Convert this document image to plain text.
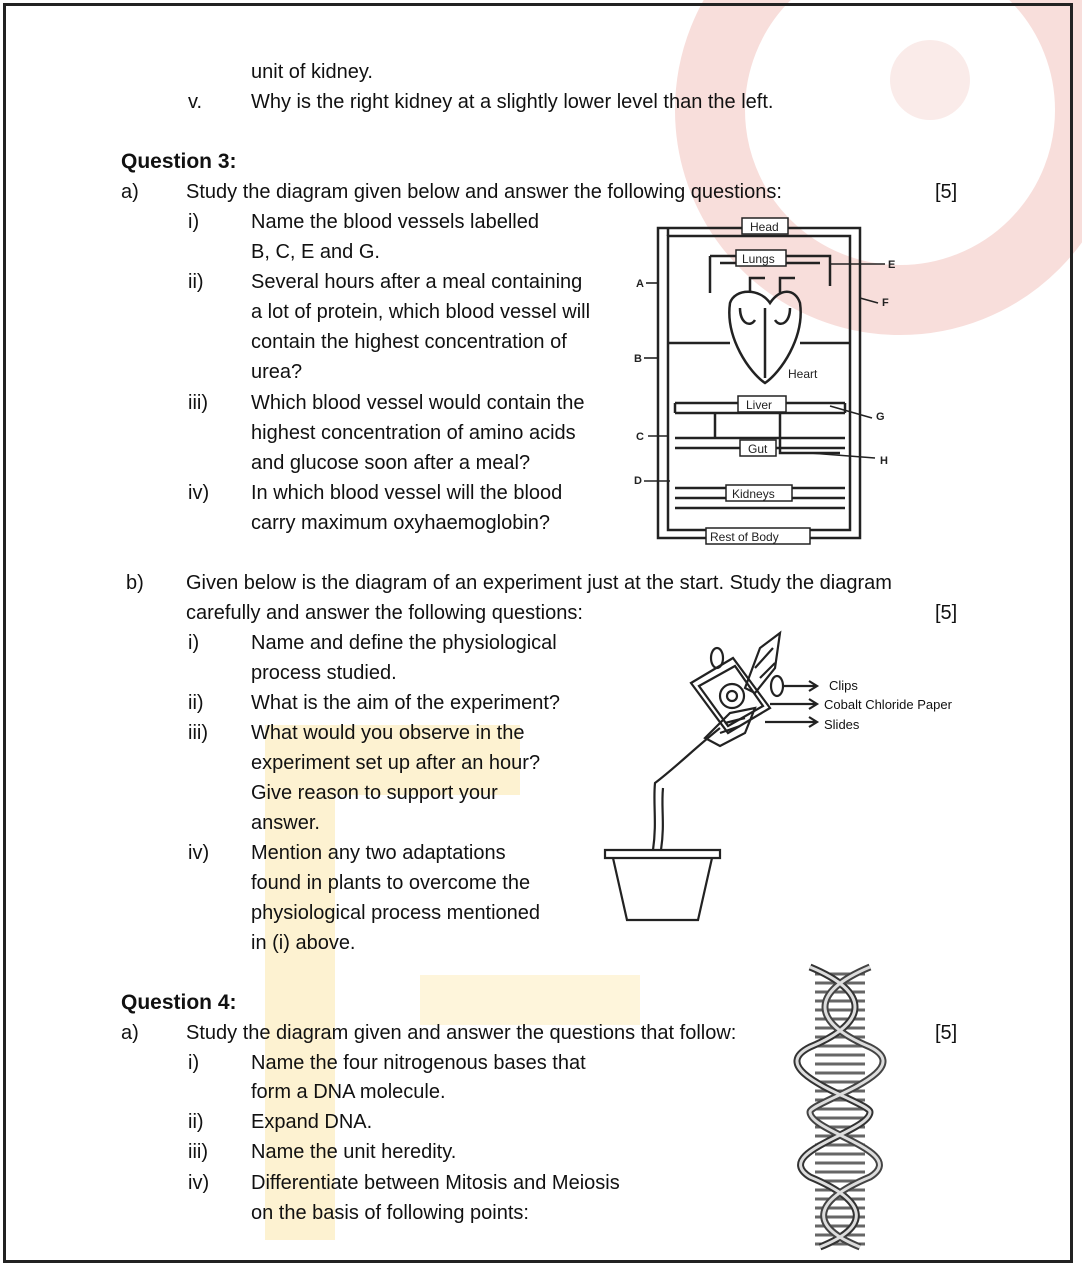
unit of kidney.
v. Why is the right kidney at a slightly lower level than the left.
Question 3:
a) Study the diagram given below and answer the following questions:	[5]
i)	Name the blood vessels labelled
B, C, E and G.
ii) Several hours after a meal containing
a lot of protein, which blood vessel will
contain the highest concentration of
urea?
iii) Which blood vessel would contain the
highest concentration of amino acids
and glucose soon after a meal?
iv) In which blood vessel will the blood
carry maximum oxyhaemoglobin?
Head
Lungs
Heart
Liver
Gut
Kidneys
Rest of Body
A
B
C
D
E
F
G
H
b) Given below is the diagram of an experiment just at the start. Study the diagram
carefully and answer the following questions:	[5]
i)	Name and define the physiological
process studied.
ii) What is the aim of the experiment?
iii) What would you observe in the
experiment set up after an hour?
Give reason to support your
answer.
iv) Mention any two adaptations
found in plants to overcome the
physiological process mentioned
in (i) above.
Clips
Cobalt Chloride Paper
Slides
Question 4:
a) Study the diagram given and answer the questions that follow:	[5]
i)	Name the four nitrogenous bases that
form a DNA molecule.
ii) Expand DNA.
iii) Name the unit heredity.
iv) Differentiate between Mitosis and Meiosis
on the basis of following points:
